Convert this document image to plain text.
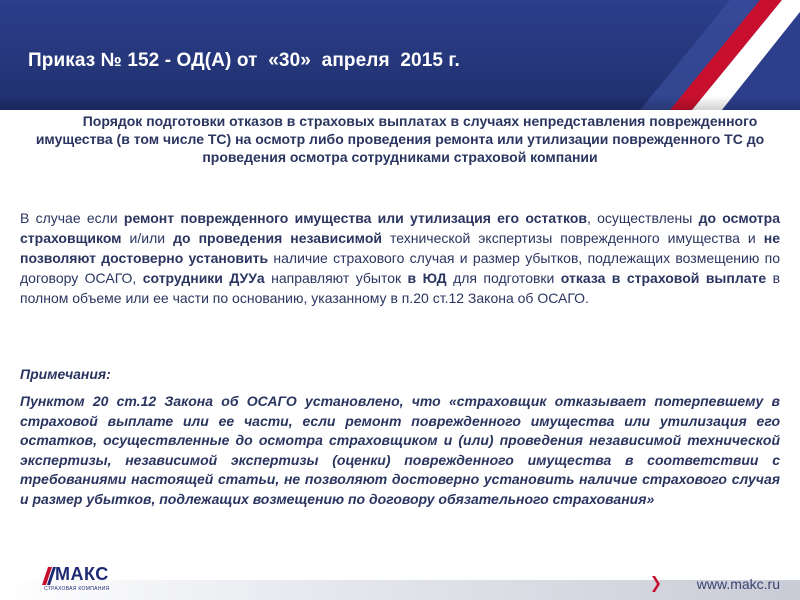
Приказ № 152 - ОД(А) от  «30»  апреля  2015 г.
Порядок подготовки отказов в страховых выплатах в случаях непредставления поврежденного имущества (в том числе ТС) на осмотр либо проведения ремонта или утилизации поврежденного ТС до проведения осмотра сотрудниками страховой компании
В случае если ремонт поврежденного имущества или утилизация его остатков, осуществлены до осмотра страховщиком и/или до проведения независимой технической экспертизы поврежденного имущества и не позволяют достоверно установить наличие страхового случая и размер убытков, подлежащих возмещению по договору ОСАГО, сотрудники ДУУа направляют убыток в ЮД для подготовки отказа в страховой выплате в полном объеме или ее части по основанию, указанному в п.20 ст.12 Закона об ОСАГО.
Примечания:
Пунктом 20 ст.12 Закона об ОСАГО установлено, что «страховщик отказывает потерпевшему в страховой выплате или ее части, если ремонт поврежденного имущества или утилизация его остатков, осуществленные до осмотра страховщиком и (или) проведения независимой технической экспертизы, независимой экспертизы (оценки) поврежденного имущества в соответствии с требованиями настоящей статьи, не позволяют достоверно установить наличие страхового случая и размер убытков, подлежащих возмещению по договору обязательного страхования»
МАКС
СТРАХОВАЯ КОМПАНИЯ	www.makc.ru
